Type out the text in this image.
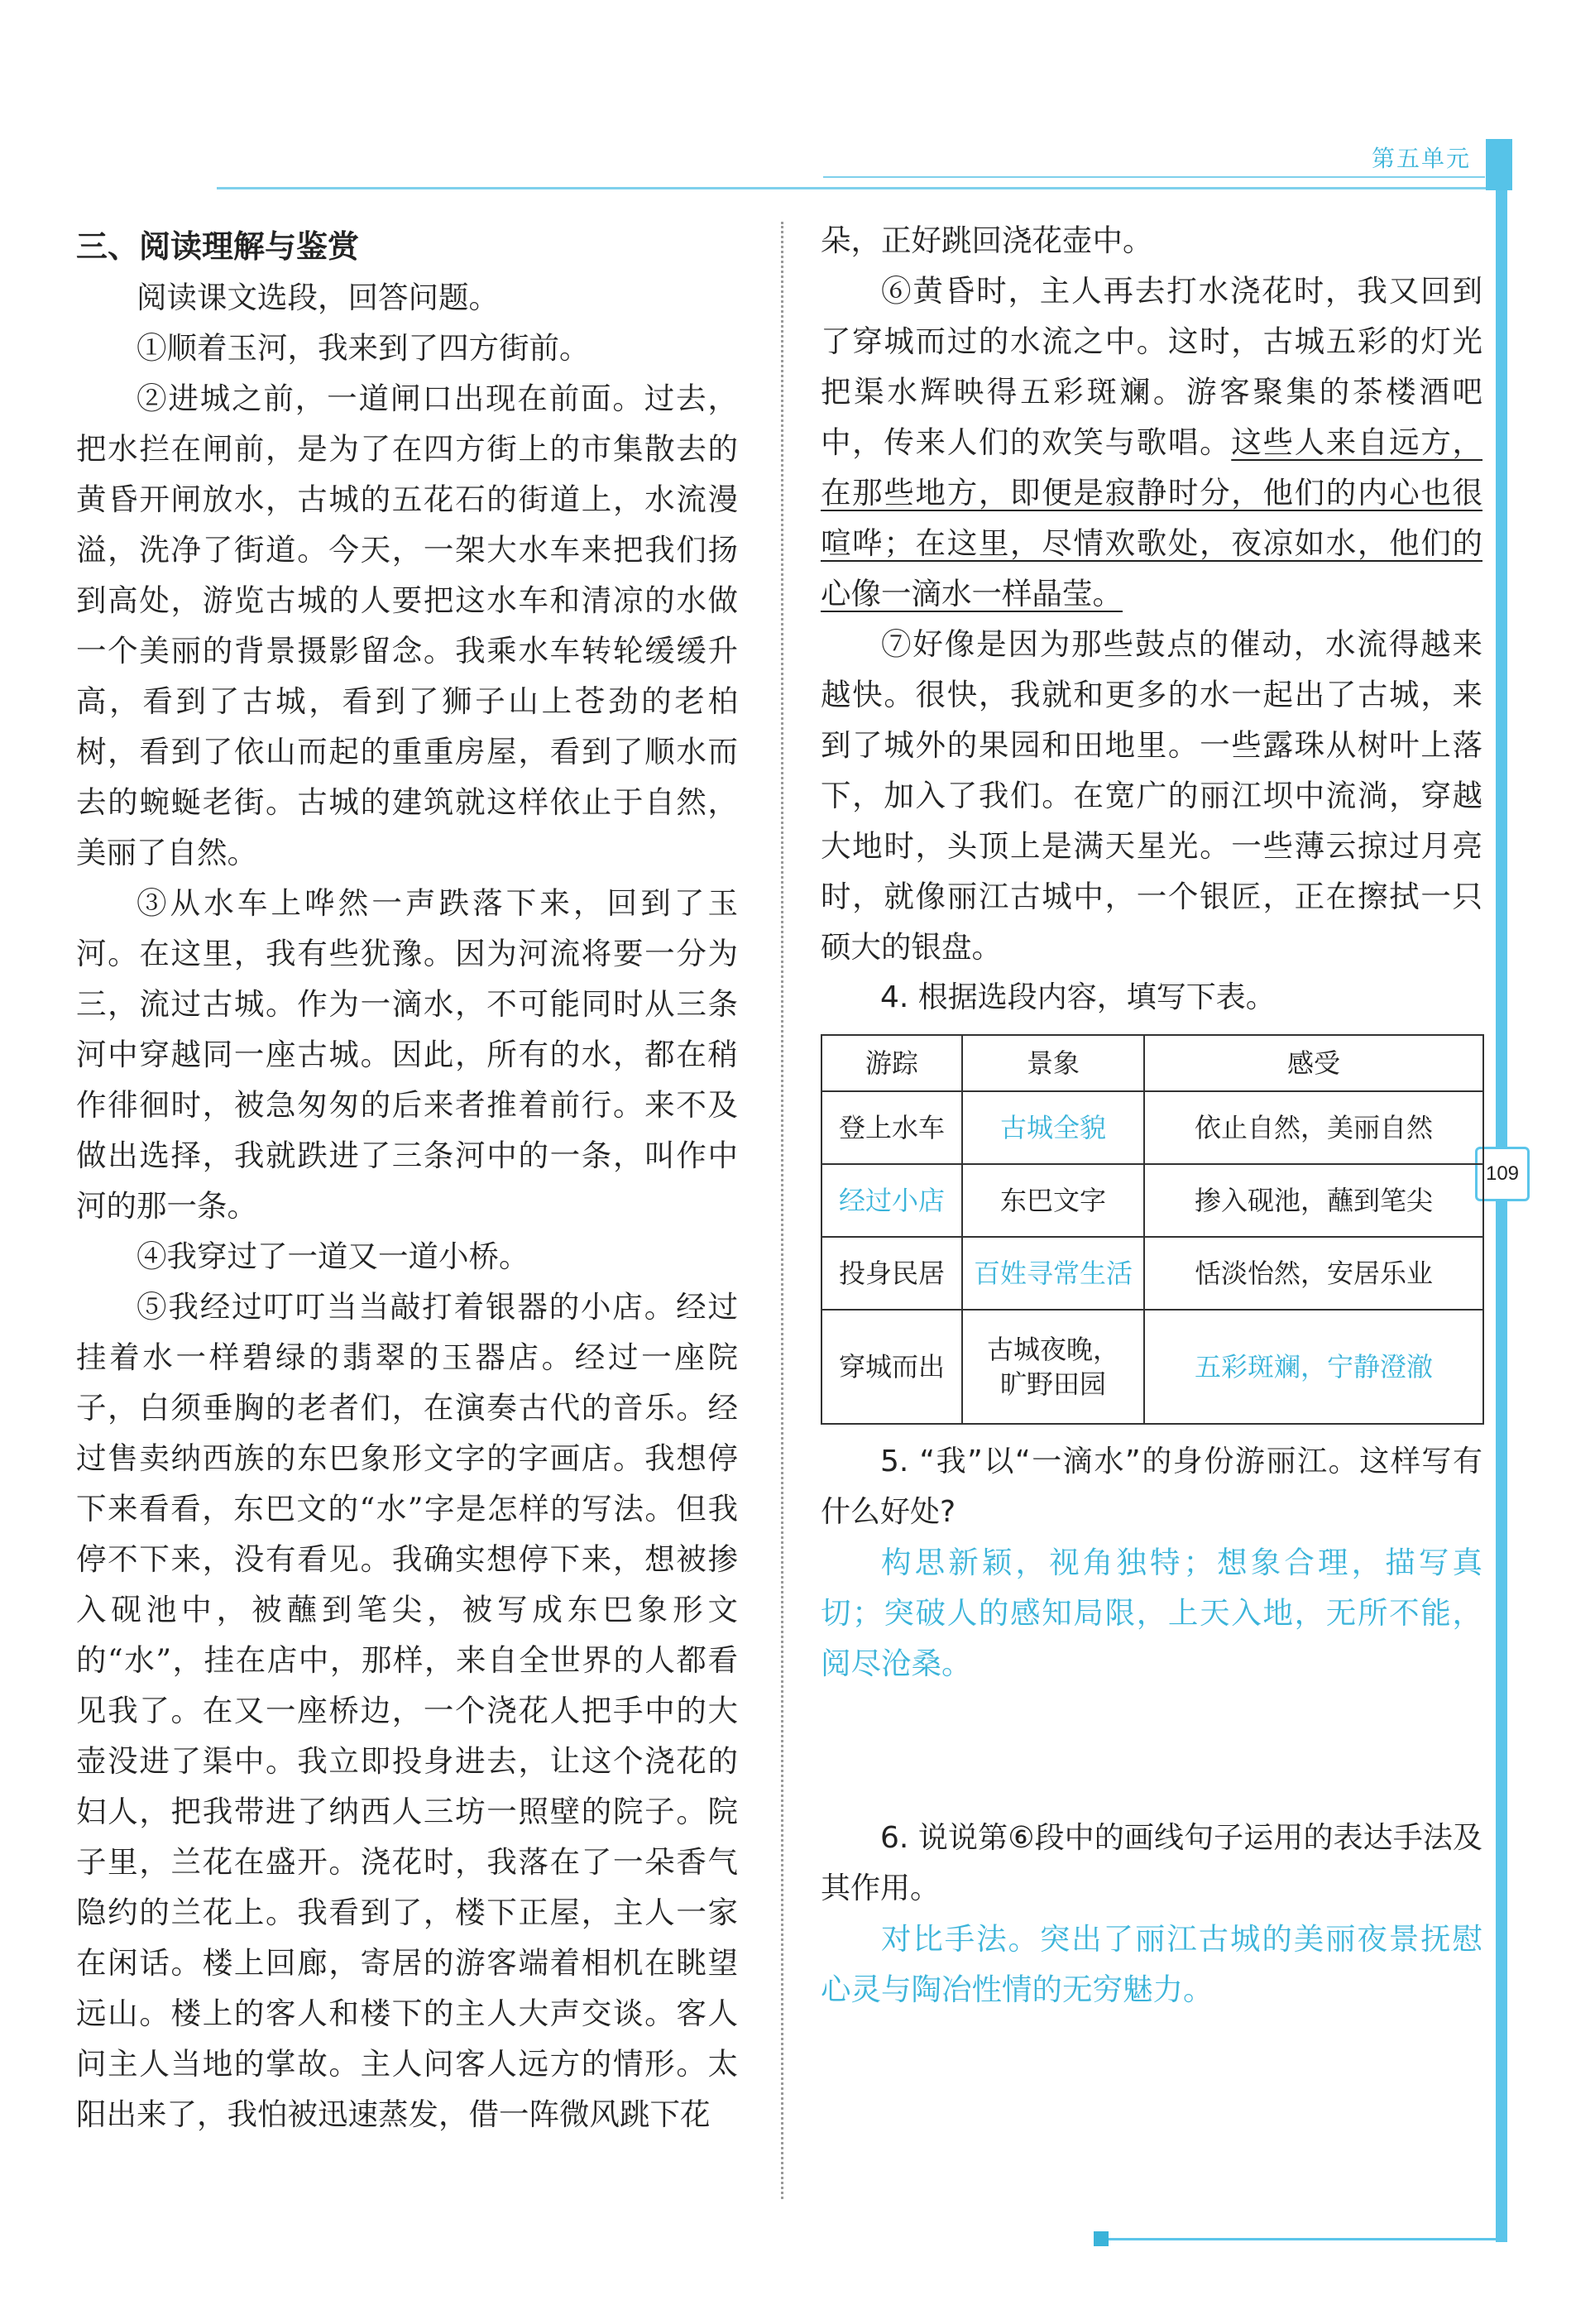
第五单元
109
三、阅读理解与鉴赏

阅读课文选段，回答问题。

①顺着玉河，我来到了四方街前。

②进城之前，一道闸口出现在前面。过去，把水拦在闸前，是为了在四方街上的市集散去的黄昏开闸放水，古城的五花石的街道上，水流漫溢，洗净了街道。今天，一架大水车来把我们扬到高处，游览古城的人要把这水车和清凉的水做一个美丽的背景摄影留念。我乘水车转轮缓缓升高，看到了古城，看到了狮子山上苍劲的老柏树，看到了依山而起的重重房屋，看到了顺水而去的蜿蜒老街。古城的建筑就这样依止于自然，美丽了自然。

③从水车上哗然一声跌落下来，回到了玉河。在这里，我有些犹豫。因为河流将要一分为三，流过古城。作为一滴水，不可能同时从三条河中穿越同一座古城。因此，所有的水，都在稍作徘徊时，被急匆匆的后来者推着前行。来不及做出选择，我就跌进了三条河中的一条，叫作中河的那一条。

④我穿过了一道又一道小桥。

⑤我经过叮叮当当敲打着银器的小店。经过挂着水一样碧绿的翡翠的玉器店。经过一座院子，白须垂胸的老者们，在演奏古代的音乐。经过售卖纳西族的东巴象形文字的字画店。我想停下来看看，东巴文的“水”字是怎样的写法。但我停不下来，没有看见。我确实想停下来，想被掺入砚池中，被蘸到笔尖，被写成东巴象形文的“水”，挂在店中，那样，来自全世界的人都看见我了。在又一座桥边，一个浇花人把手中的大壶没进了渠中。我立即投身进去，让这个浇花的妇人，把我带进了纳西人三坊一照壁的院子。院子里，兰花在盛开。浇花时，我落在了一朵香气隐约的兰花上。我看到了，楼下正屋，主人一家在闲话。楼上回廊，寄居的游客端着相机在眺望远山。楼上的客人和楼下的主人大声交谈。客人问主人当地的掌故。主人问客人远方的情形。太阳出来了，我怕被迅速蒸发，借一阵微风跳下花

朵，正好跳回浇花壶中。

⑥黄昏时，主人再去打水浇花时，我又回到了穿城而过的水流之中。这时，古城五彩的灯光把渠水辉映得五彩斑斓。游客聚集的茶楼酒吧中，传来人们的欢笑与歌唱。这些人来自远方，在那些地方，即便是寂静时分，他们的内心也很喧哗；在这里，尽情欢歌处，夜凉如水，他们的心像一滴水一样晶莹。

⑦好像是因为那些鼓点的催动，水流得越来越快。很快，我就和更多的水一起出了古城，来到了城外的果园和田地里。一些露珠从树叶上落下，加入了我们。在宽广的丽江坝中流淌，穿越大地时，头顶上是满天星光。一些薄云掠过月亮时，就像丽江古城中，一个银匠，正在擦拭一只硕大的银盘。

4. 根据选段内容，填写下表。

游踪	景象	感受
登上水车	古城全貌	依止自然，美丽自然
经过小店	东巴文字	掺入砚池，蘸到笔尖
投身民居	百姓寻常生活	恬淡怡然，安居乐业
穿城而出	古城夜晚，
旷野田园	五彩斑斓，宁静澄澈

5. “我”以“一滴水”的身份游丽江。这样写有什么好处?

构思新颖，视角独特；想象合理，描写真切；突破人的感知局限，上天入地，无所不能，阅尽沧桑。

6. 说说第⑥段中的画线句子运用的表达手法及其作用。

对比手法。突出了丽江古城的美丽夜景抚慰心灵与陶冶性情的无穷魅力。
